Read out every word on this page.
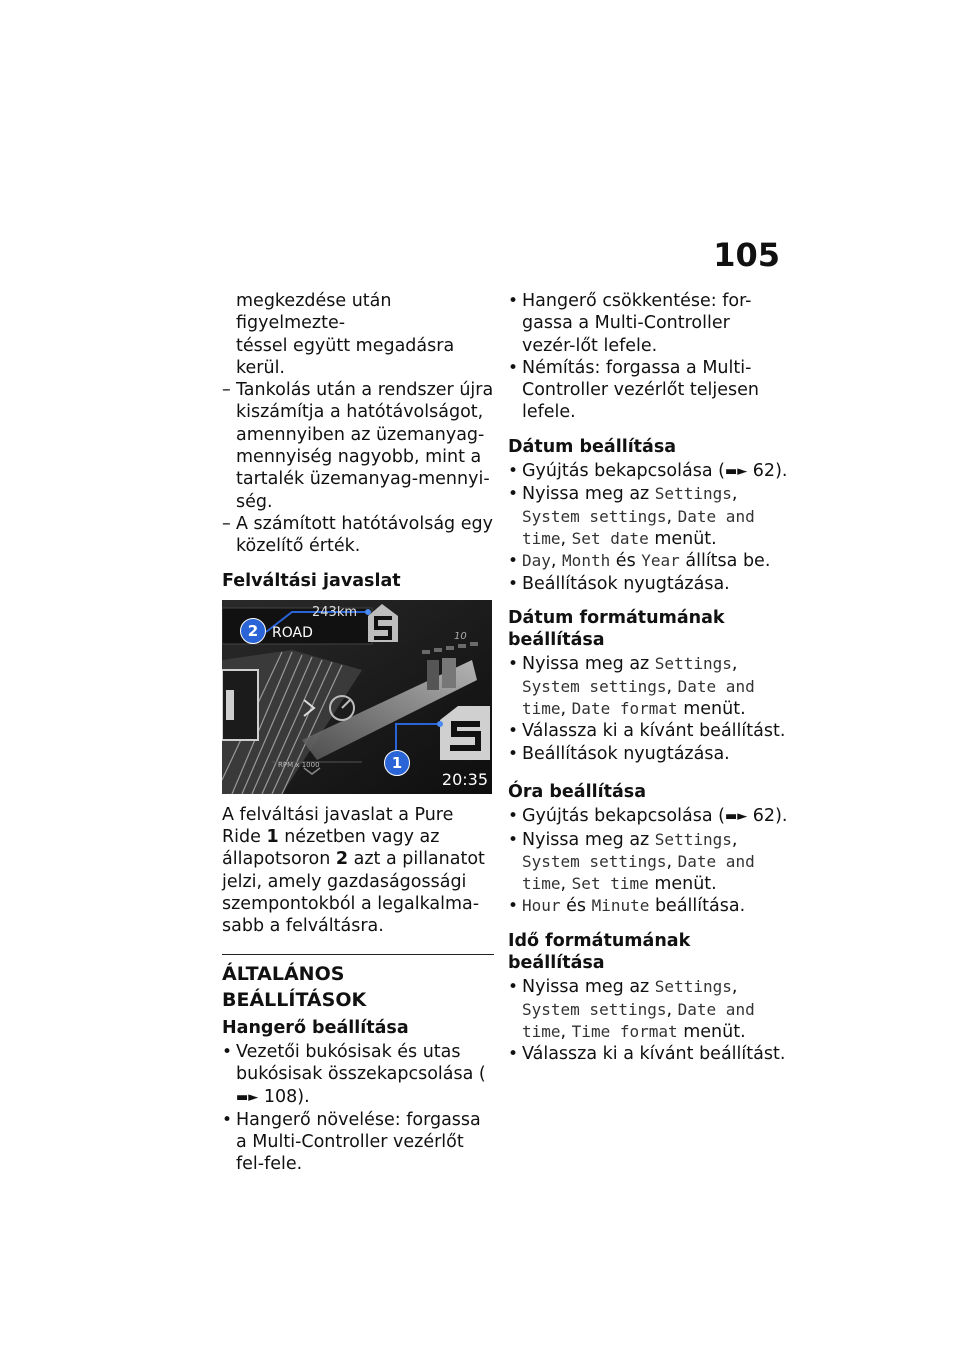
105

megkezdése után figyelmezte-

téssel együtt megadásra kerül.

– Tankolás után a rendszer újra kiszámítja a hatótávolságot, amennyiben az üzemanyag-mennyiség nagyobb, mint a tartalék üzemanyag-mennyi-ség.
– A számított hatótávolság egy közelítő érték.
Felváltási javaslat
243km
ROAD	10
RPM x 1000
20:35
2
1

A felváltási javaslat a Pure Ride 1 nézetben vagy az állapotsoron 2 azt a pillanatot jelzi, amely gazdaságossági szempontokból a legalkalma-sabb a felváltásra.

ÁLTALÁNOS BEÁLLÍTÁSOK
Hangerő beállítása
• Vezetői bukósisak és utas bukósisak összekapcsolása (▬► 108).
• Hangerő növelése: forgassa a Multi-Controller vezérlőt fel-fele.
• Hangerő csökkentése: for-gassa a Multi-Controller vezér-lőt lefele.
• Némítás: forgassa a Multi-Controller vezérlőt teljesen lefele.
Dátum beállítása
• Gyújtás bekapcsolása (▬► 62).
• Nyissa meg az Settings, System settings, Date and time, Set date menüt.
• Day, Month és Year állítsa be.
• Beállítások nyugtázása.
Dátum formátumának beállítása
• Nyissa meg az Settings, System settings, Date and time, Date format menüt.
• Válassza ki a kívánt beállítást.
• Beállítások nyugtázása.
Óra beállítása
• Gyújtás bekapcsolása (▬► 62).
• Nyissa meg az Settings, System settings, Date and time, Set time menüt.
• Hour és Minute beállítása.
Idő formátumának beállítása
• Nyissa meg az Settings, System settings, Date and time, Time format menüt.
• Válassza ki a kívánt beállítást.
